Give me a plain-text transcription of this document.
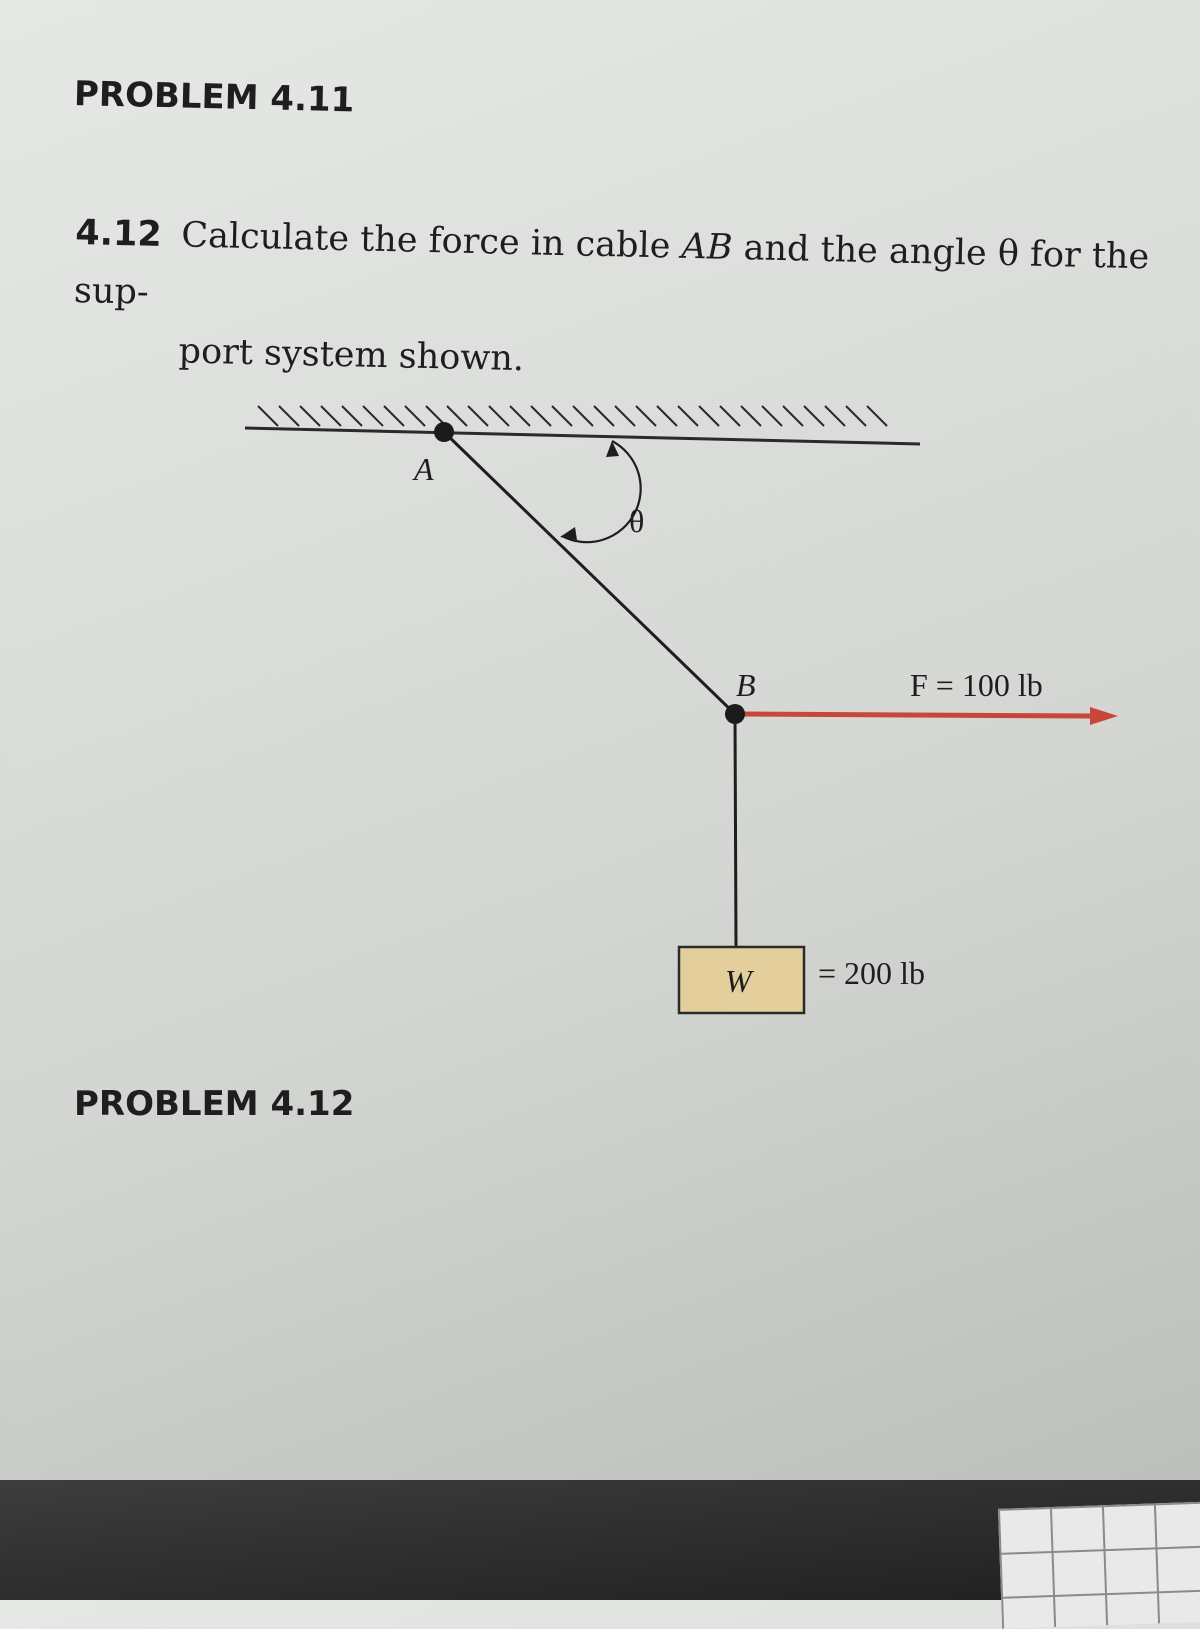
PROBLEM 4.11
4.12 Calculate the force in cable AB and the angle θ for the sup-
port system shown.
A
θ
B	F = 100 lb
W = 200 lb
PROBLEM 4.12
